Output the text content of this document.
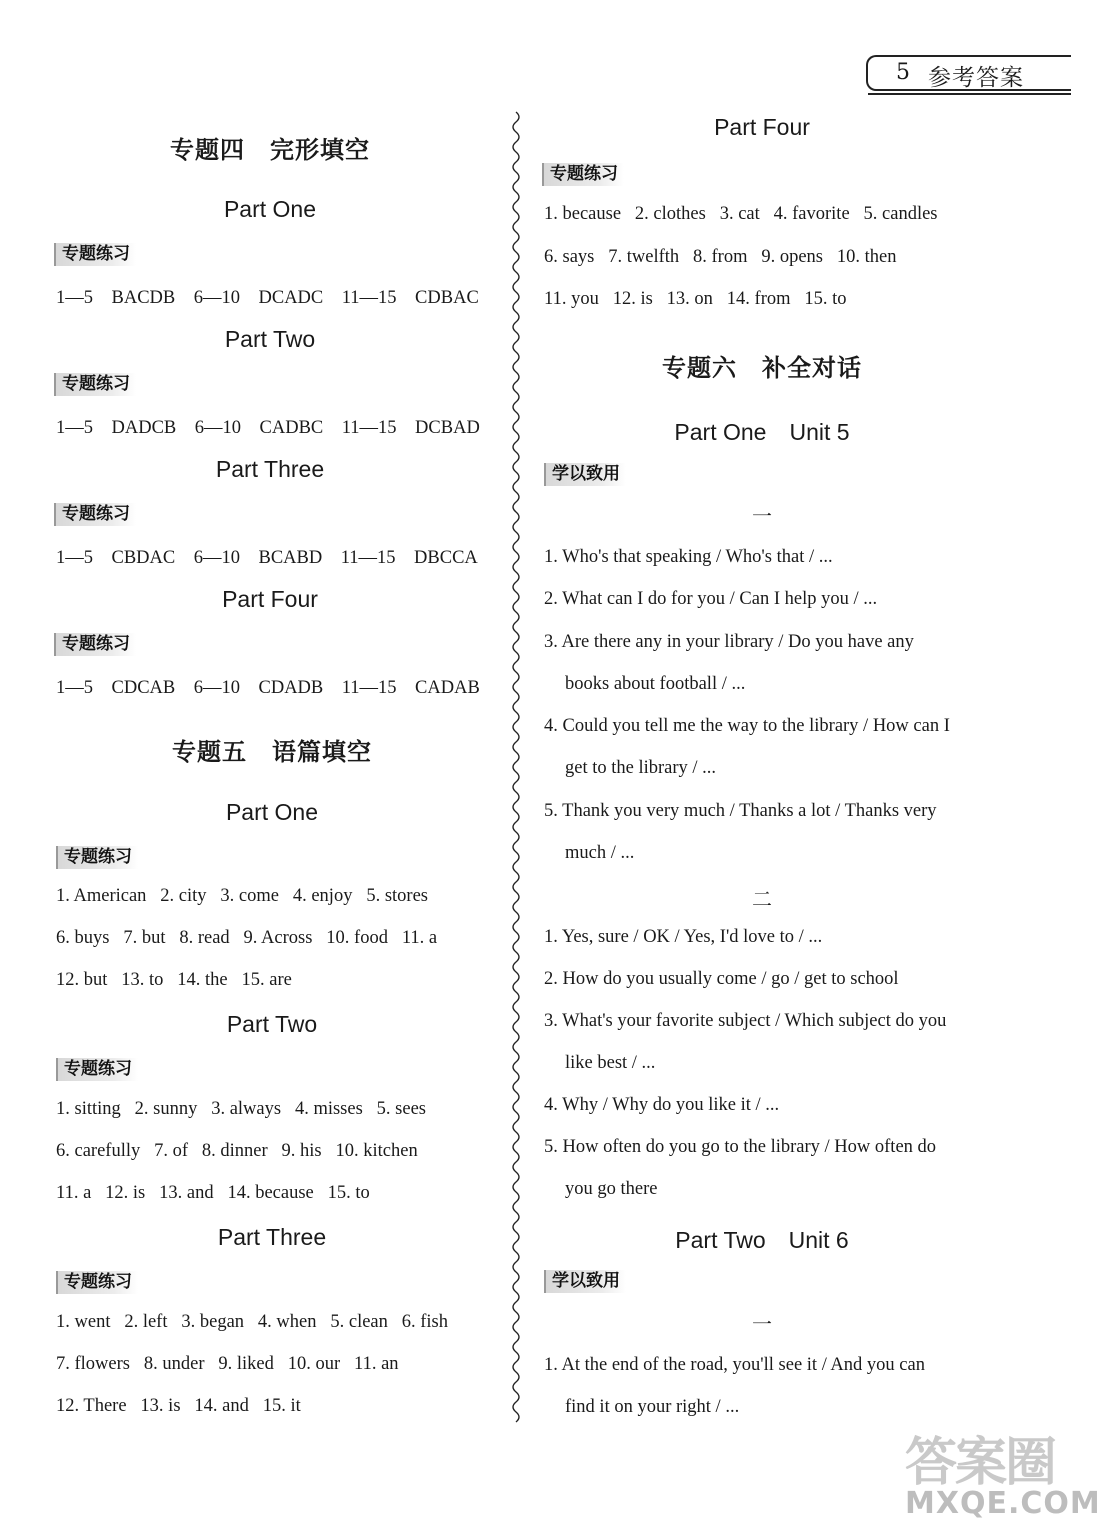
5 参考答案
专题四　完形填空
Part One
专题练习
1—5　BACDB　6—10　DCADC　11—15　CDBAC
Part Two
专题练习
1—5　DADCB　6—10　CADBC　11—15　DCBAD
Part Three
专题练习
1—5　CBDAC　6—10　BCABD　11—15　DBCCA
Part Four
专题练习
1—5　CDCAB　6—10　CDADB　11—15　CADAB
专题五　语篇填空
Part One
专题练习
1. American   2. city   3. come   4. enjoy   5. stores
6. buys   7. but   8. read   9. Across   10. food   11. a
12. but   13. to   14. the   15. are
Part Two
专题练习
1. sitting   2. sunny   3. always   4. misses   5. sees
6. carefully   7. of   8. dinner   9. his   10. kitchen
11. a   12. is   13. and   14. because   15. to
Part Three
专题练习
1. went   2. left   3. began   4. when   5. clean   6. fish
7. flowers   8. under   9. liked   10. our   11. an
12. There   13. is   14. and   15. it
Part Four
专题练习
1. because   2. clothes   3. cat   4. favorite   5. candles
6. says   7. twelfth   8. from   9. opens   10. then
11. you   12. is   13. on   14. from   15. to
专题六　补全对话
Part One　Unit 5
学以致用
一
1. Who's that speaking / Who's that / ...
2. What can I do for you / Can I help you / ...
3. Are there any in your library / Do you have any
books about football / ...
4. Could you tell me the way to the library / How can I
get to the library / ...
5. Thank you very much / Thanks a lot / Thanks very
much / ...
二
1. Yes, sure / OK / Yes, I'd love to / ...
2. How do you usually come / go / get to school
3. What's your favorite subject / Which subject do you
like best / ...
4. Why / Why do you like it / ...
5. How often do you go to the library / How often do
you go there
Part Two　Unit 6
学以致用
一
1. At the end of the road, you'll see it / And you can
find it on your right / ...
答案圈
MXQE.COM
